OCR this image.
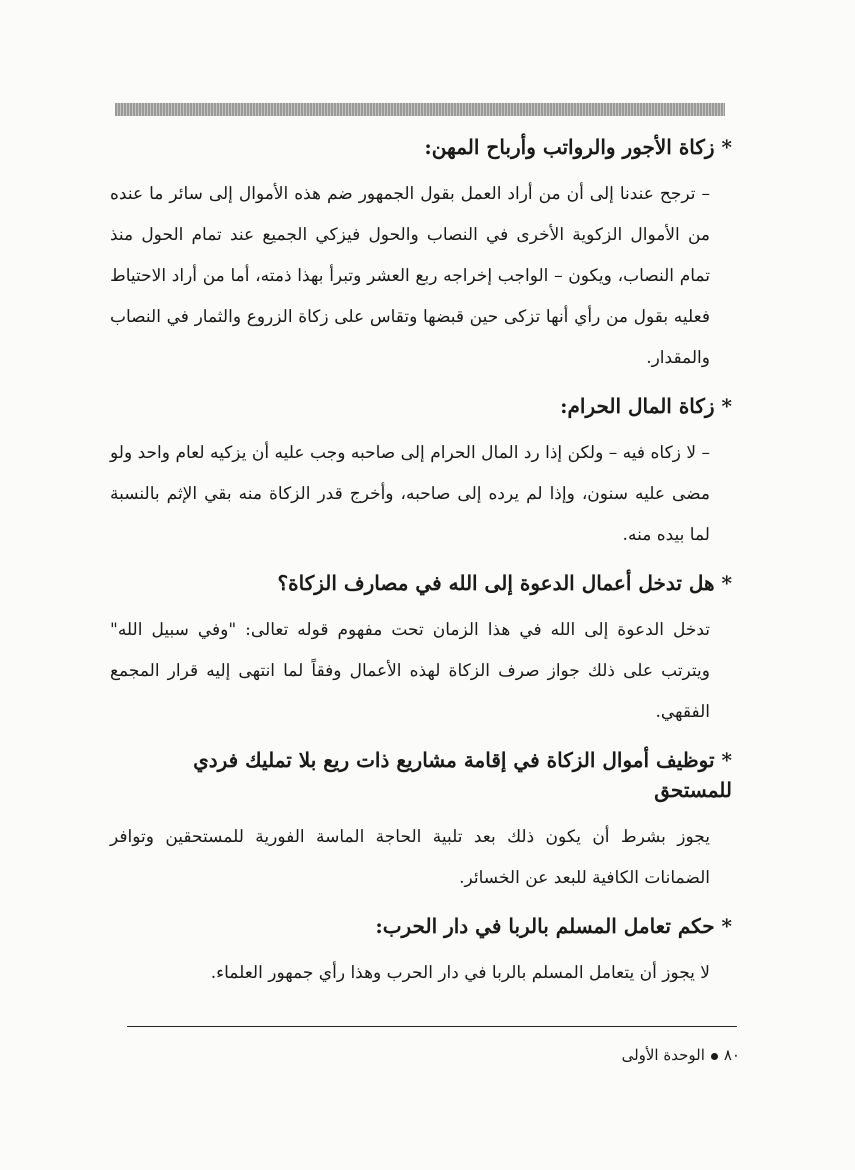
* زكاة الأجور والرواتب وأرباح المهن:

– ترجح عندنا إلى أن من أراد العمل بقول الجمهور ضم هذه الأموال إلى سائر ما عنده من الأموال الزكوية الأخرى في النصاب والحول فيزكي الجميع عند تمام الحول منذ تمام النصاب، ويكون – الواجب إخراجه ربع العشر وتبرأ بهذا ذمته، أما من أراد الاحتياط فعليه بقول من رأي أنها تزكى حين قبضها وتقاس على زكاة الزروع والثمار في النصاب والمقدار.

* زكاة المال الحرام:

– لا زكاه فيه – ولكن إذا رد المال الحرام إلى صاحبه وجب عليه أن يزكيه لعام واحد ولو مضى عليه سنون، وإذا لم يرده إلى صاحبه، وأخرج قدر الزكاة منه بقي الإثم بالنسبة لما بيده منه.

* هل تدخل أعمال الدعوة إلى الله في مصارف الزكاة؟

تدخل الدعوة إلى الله في هذا الزمان تحت مفهوم قوله تعالى: "وفي سبيل الله" ويترتب على ذلك جواز صرف الزكاة لهذه الأعمال وفقاً لما انتهى إليه قرار المجمع الفقهي.

* توظيف أموال الزكاة في إقامة مشاريع ذات ريع بلا تمليك فردي للمستحق

يجوز بشرط أن يكون ذلك بعد تلبية الحاجة الماسة الفورية للمستحقين وتوافر الضمانات الكافية للبعد عن الخسائر.

* حكم تعامل المسلم بالربا في دار الحرب:

لا يجوز أن يتعامل المسلم بالربا في دار الحرب وهذا رأي جمهور العلماء.

٨٠الوحدة الأولى
